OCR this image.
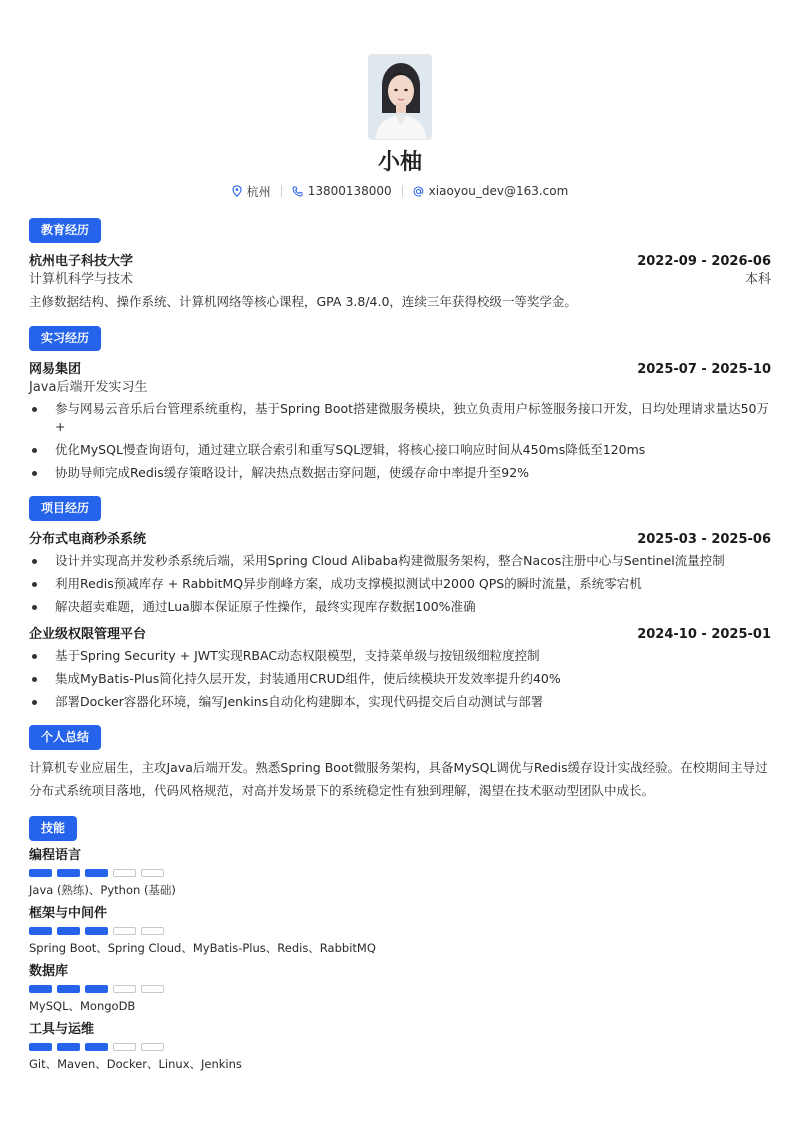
小柚
杭州	13800138000	xiaoyou_dev@163.com
教育经历
杭州电子科技大学	2022-09 - 2026-06
计算机科学与技术	本科
主修数据结构、操作系统、计算机网络等核心课程，GPA 3.8/4.0，连续三年获得校级一等奖学金。
实习经历
网易集团	2025-07 - 2025-10
Java后端开发实习生
参与网易云音乐后台管理系统重构，基于Spring Boot搭建微服务模块，独立负责用户标签服务接口开发，日均处理请求量达50万+
优化MySQL慢查询语句，通过建立联合索引和重写SQL逻辑，将核心接口响应时间从450ms降低至120ms
协助导师完成Redis缓存策略设计，解决热点数据击穿问题，使缓存命中率提升至92%
项目经历
分布式电商秒杀系统	2025-03 - 2025-06
设计并实现高并发秒杀系统后端，采用Spring Cloud Alibaba构建微服务架构，整合Nacos注册中心与Sentinel流量控制
利用Redis预减库存 + RabbitMQ异步削峰方案，成功支撑模拟测试中2000 QPS的瞬时流量，系统零宕机
解决超卖难题，通过Lua脚本保证原子性操作，最终实现库存数据100%准确
企业级权限管理平台	2024-10 - 2025-01
基于Spring Security + JWT实现RBAC动态权限模型，支持菜单级与按钮级细粒度控制
集成MyBatis-Plus简化持久层开发，封装通用CRUD组件，使后续模块开发效率提升约40%
部署Docker容器化环境，编写Jenkins自动化构建脚本，实现代码提交后自动测试与部署
个人总结
计算机专业应届生，主攻Java后端开发。熟悉Spring Boot微服务架构，具备MySQL调优与Redis缓存设计实战经验。在校期间主导过分布式系统项目落地，代码风格规范，对高并发场景下的系统稳定性有独到理解，渴望在技术驱动型团队中成长。
技能
编程语言
Java (熟练)、Python (基础)
框架与中间件
Spring Boot、Spring Cloud、MyBatis-Plus、Redis、RabbitMQ
数据库
MySQL、MongoDB
工具与运维
Git、Maven、Docker、Linux、Jenkins
